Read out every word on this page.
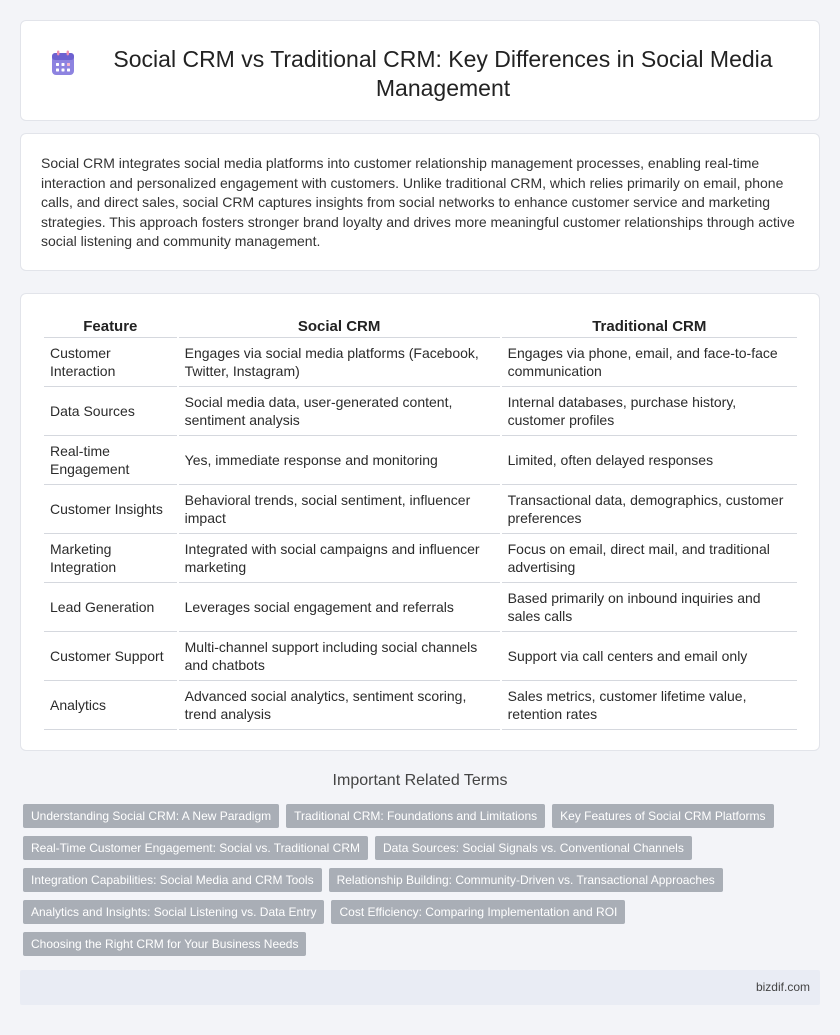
Social CRM vs Traditional CRM: Key Differences in Social Media Management

Social CRM integrates social media platforms into customer relationship management processes, enabling real-time interaction and personalized engagement with customers. Unlike traditional CRM, which relies primarily on email, phone calls, and direct sales, social CRM captures insights from social networks to enhance customer service and marketing strategies. This approach fosters stronger brand loyalty and drives more meaningful customer relationships through active social listening and community management.

Feature	Social CRM	Traditional CRM
Customer Interaction	Engages via social media platforms (Facebook, Twitter, Instagram)	Engages via phone, email, and face-to-face communication
Data Sources	Social media data, user-generated content, sentiment analysis	Internal databases, purchase history, customer profiles
Real-time Engagement	Yes, immediate response and monitoring	Limited, often delayed responses
Customer Insights	Behavioral trends, social sentiment, influencer impact	Transactional data, demographics, customer preferences
Marketing Integration	Integrated with social campaigns and influencer marketing	Focus on email, direct mail, and traditional advertising
Lead Generation	Leverages social engagement and referrals	Based primarily on inbound inquiries and sales calls
Customer Support	Multi-channel support including social channels and chatbots	Support via call centers and email only
Analytics	Advanced social analytics, sentiment scoring, trend analysis	Sales metrics, customer lifetime value, retention rates
Important Related Terms
Understanding Social CRM: A New Paradigm	Traditional CRM: Foundations and Limitations	Key Features of Social CRM Platforms
Real-Time Customer Engagement: Social vs. Traditional CRM	Data Sources: Social Signals vs. Conventional Channels
Integration Capabilities: Social Media and CRM Tools	Relationship Building: Community-Driven vs. Transactional Approaches
Analytics and Insights: Social Listening vs. Data Entry	Cost Efficiency: Comparing Implementation and ROI
Choosing the Right CRM for Your Business Needs
bizdif.com
